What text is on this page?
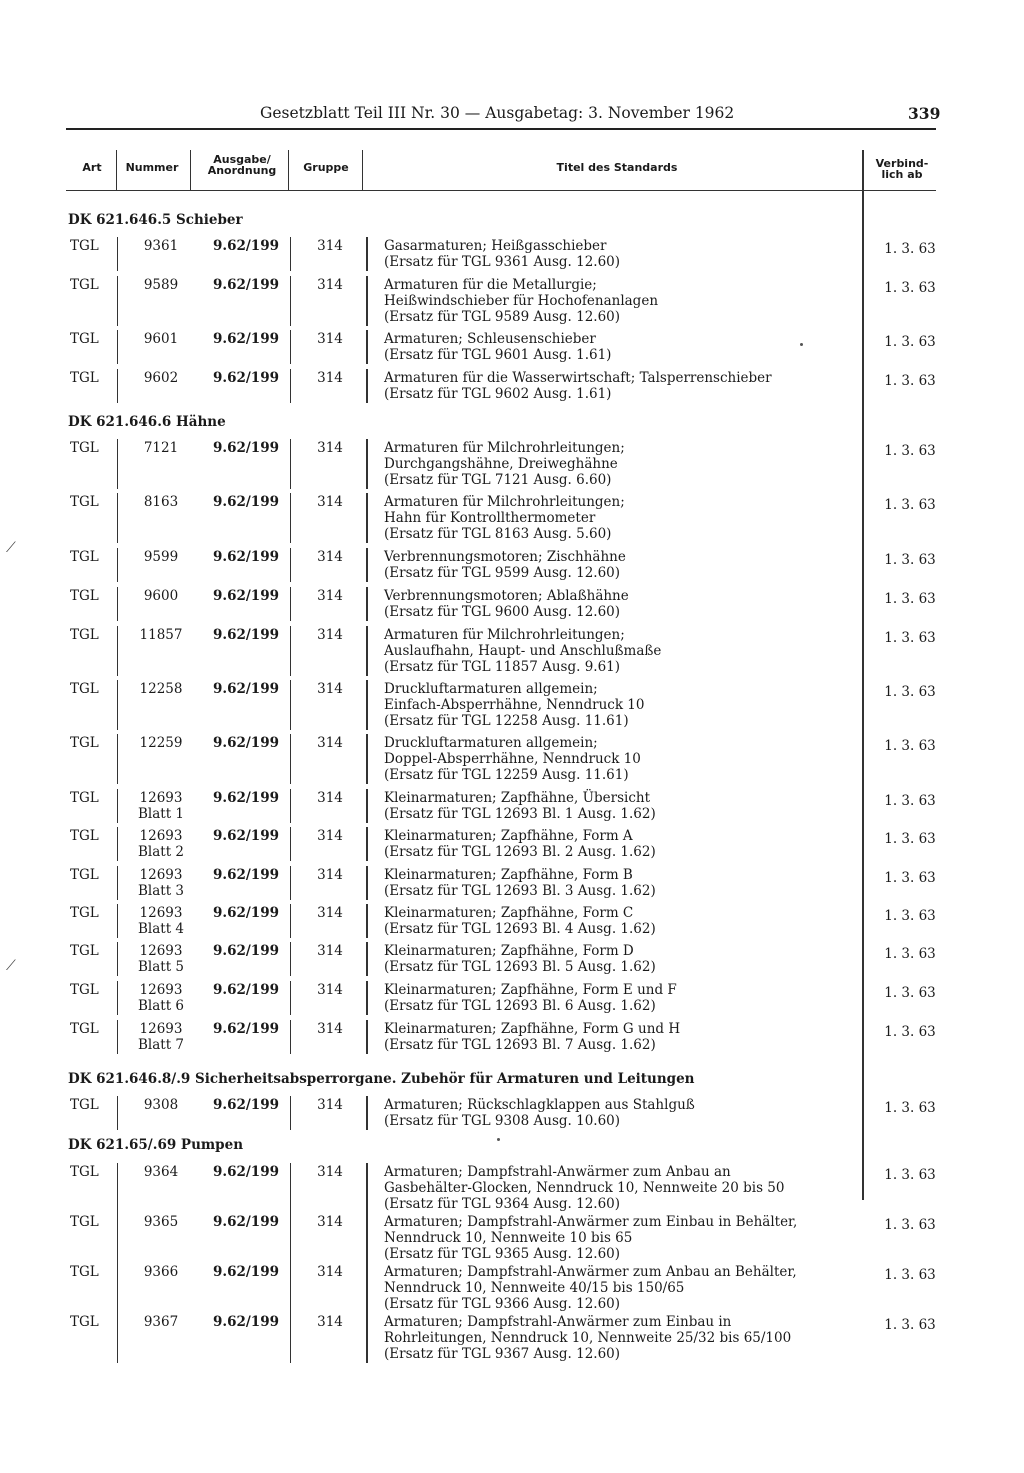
Gesetzblatt Teil III Nr. 30 — Ausgabetag: 3. November 1962	339
Art	Nummer
Ausgabe/
Anordnung	Gruppe	Titel des Standards	Verbind-
lich ab
DK 621.646.5 Schieber
TGL	9361	9.62/199	314	Gasarmaturen; Heißgasschieber
(Ersatz für TGL 9361 Ausg. 12.60)
1. 3. 63
TGL	9589	9.62/199	314	Armaturen für die Metallurgie;
Heißwindschieber für Hochofenanlagen
(Ersatz für TGL 9589 Ausg. 12.60)
1. 3. 63
TGL	9601	9.62/199	314	Armaturen; Schleusenschieber
(Ersatz für TGL 9601 Ausg. 1.61)
1. 3. 63
TGL	9602	9.62/199	314	Armaturen für die Wasserwirtschaft; Talsperrenschieber
(Ersatz für TGL 9602 Ausg. 1.61)
1. 3. 63
DK 621.646.6 Hähne
TGL	7121	9.62/199	314	Armaturen für Milchrohrleitungen;
Durchgangshähne, Dreiweghähne
(Ersatz für TGL 7121 Ausg. 6.60)
1. 3. 63
TGL	8163	9.62/199	314	Armaturen für Milchrohrleitungen;
Hahn für Kontrollthermometer
(Ersatz für TGL 8163 Ausg. 5.60)
1. 3. 63
TGL	9599	9.62/199	314	Verbrennungsmotoren; Zischhähne
(Ersatz für TGL 9599 Ausg. 12.60)
1. 3. 63
TGL	9600	9.62/199	314	Verbrennungsmotoren; Ablaßhähne
(Ersatz für TGL 9600 Ausg. 12.60)
1. 3. 63
TGL	11857	9.62/199	314	Armaturen für Milchrohrleitungen;
Auslaufhahn, Haupt- und Anschlußmaße
(Ersatz für TGL 11857 Ausg. 9.61)
1. 3. 63
TGL	12258	9.62/199	314	Druckluftarmaturen allgemein;
Einfach-Absperrhähne, Nenndruck 10
(Ersatz für TGL 12258 Ausg. 11.61)
1. 3. 63
TGL	12259	9.62/199	314	Druckluftarmaturen allgemein;
Doppel-Absperrhähne, Nenndruck 10
(Ersatz für TGL 12259 Ausg. 11.61)
1. 3. 63
TGL	12693
Blatt 1
9.62/199	314	Kleinarmaturen; Zapfhähne, Übersicht
(Ersatz für TGL 12693 Bl. 1 Ausg. 1.62)
1. 3. 63
TGL	12693
Blatt 2
9.62/199	314	Kleinarmaturen; Zapfhähne, Form A
(Ersatz für TGL 12693 Bl. 2 Ausg. 1.62)
1. 3. 63
TGL	12693
Blatt 3
9.62/199	314	Kleinarmaturen; Zapfhähne, Form B
(Ersatz für TGL 12693 Bl. 3 Ausg. 1.62)
1. 3. 63
TGL	12693
Blatt 4
9.62/199	314	Kleinarmaturen; Zapfhähne, Form C
(Ersatz für TGL 12693 Bl. 4 Ausg. 1.62)
1. 3. 63
TGL	12693
Blatt 5
9.62/199	314	Kleinarmaturen; Zapfhähne, Form D
(Ersatz für TGL 12693 Bl. 5 Ausg. 1.62)
1. 3. 63
TGL	12693
Blatt 6
9.62/199	314	Kleinarmaturen; Zapfhähne, Form E und F
(Ersatz für TGL 12693 Bl. 6 Ausg. 1.62)
1. 3. 63
TGL	12693
Blatt 7
9.62/199	314	Kleinarmaturen; Zapfhähne, Form G und H
(Ersatz für TGL 12693 Bl. 7 Ausg. 1.62)
1. 3. 63
DK 621.646.8/.9 Sicherheitsabsperrorgane. Zubehör für Armaturen und Leitungen
TGL	9308	9.62/199	314	Armaturen; Rückschlagklappen aus Stahlguß
(Ersatz für TGL 9308 Ausg. 10.60)
1. 3. 63
DK 621.65/.69 Pumpen
TGL	9364	9.62/199	314	Armaturen; Dampfstrahl-Anwärmer zum Anbau an
Gasbehälter-Glocken, Nenndruck 10, Nennweite 20 bis 50
(Ersatz für TGL 9364 Ausg. 12.60)
1. 3. 63
TGL	9365	9.62/199	314	Armaturen; Dampfstrahl-Anwärmer zum Einbau in Behälter,
Nenndruck 10, Nennweite 10 bis 65
(Ersatz für TGL 9365 Ausg. 12.60)
1. 3. 63
TGL	9366	9.62/199	314	Armaturen; Dampfstrahl-Anwärmer zum Anbau an Behälter,
Nenndruck 10, Nennweite 40/15 bis 150/65
(Ersatz für TGL 9366 Ausg. 12.60)
1. 3. 63
TGL	9367	9.62/199	314	Armaturen; Dampfstrahl-Anwärmer zum Einbau in
Rohrleitungen, Nenndruck 10, Nennweite 25/32 bis 65/100
(Ersatz für TGL 9367 Ausg. 12.60)
1. 3. 63
⟋
⟋
